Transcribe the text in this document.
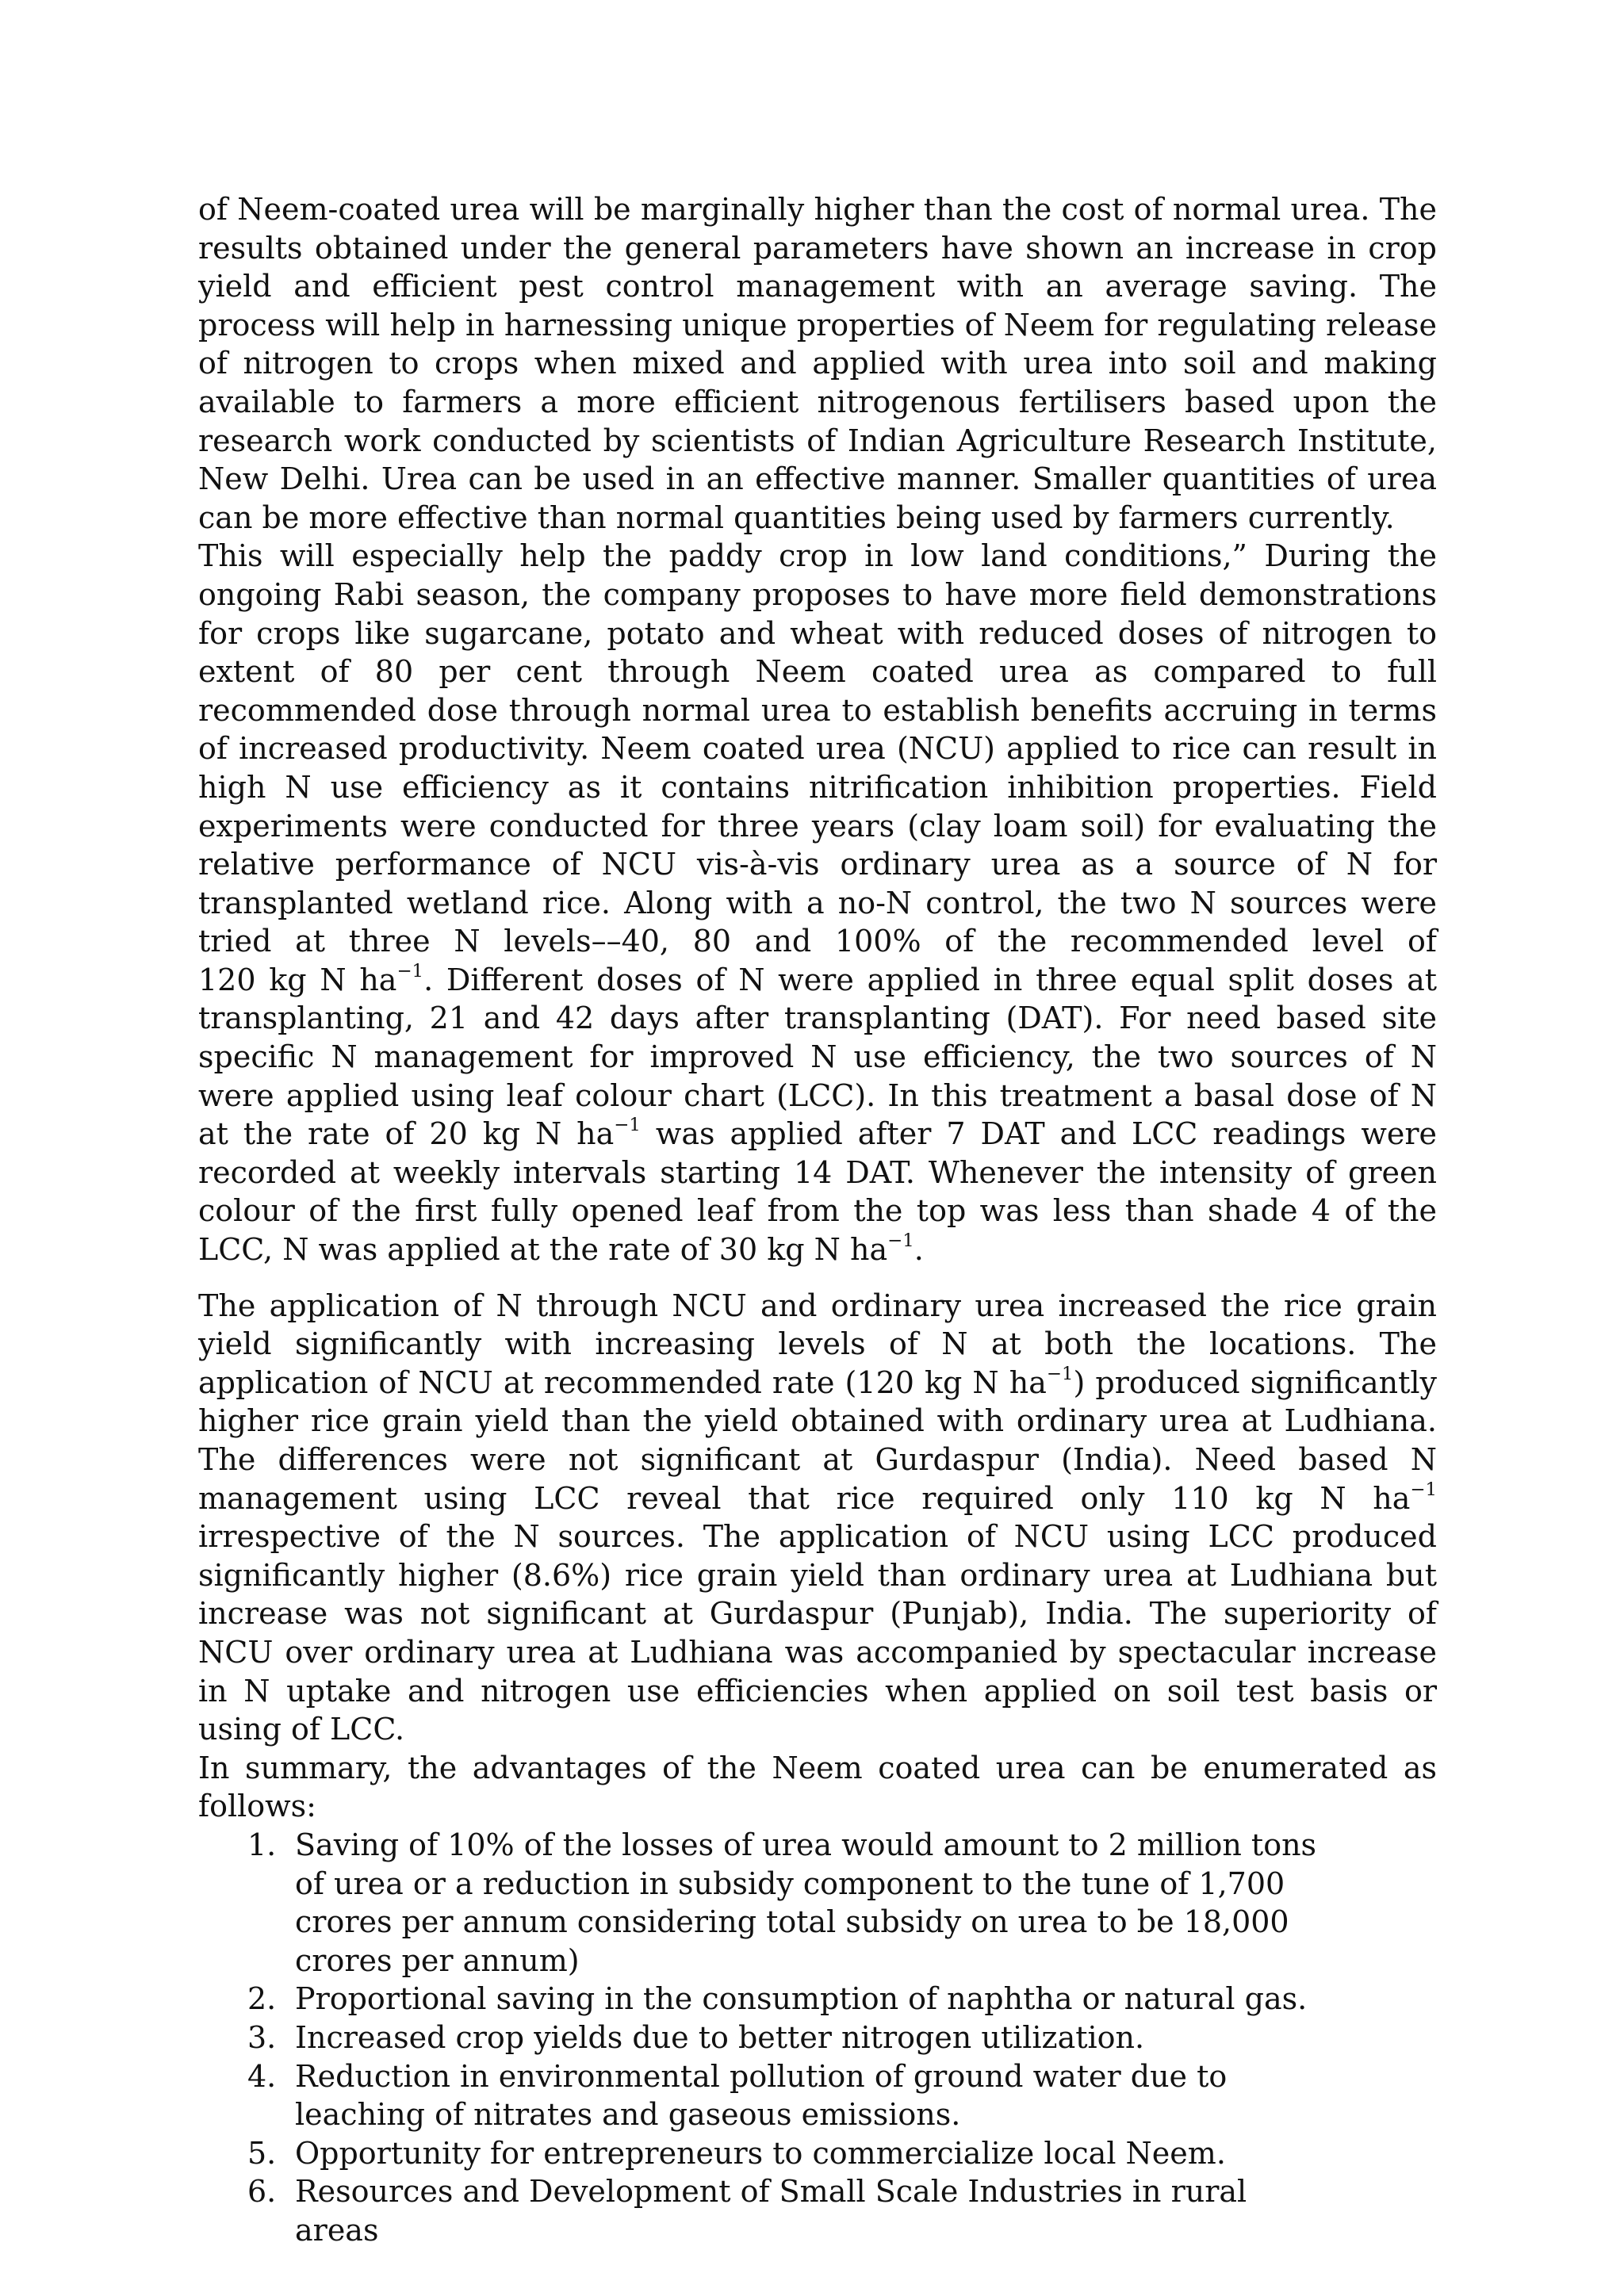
of Neem-coated urea will be marginally higher than the cost of normal urea. The results obtained under the general parameters have shown an increase in crop yield and efficient pest control management with an average saving. The process will help in harnessing unique properties of Neem for regulating release of nitrogen to crops when mixed and applied with urea into soil and making available to farmers a more efficient nitrogenous fertilisers based upon the research work conducted by scientists of Indian Agriculture Research Institute, New Delhi. Urea can be used in an effective manner. Smaller quantities of urea can be more effective than normal quantities being used by farmers currently.

This will especially help the paddy crop in low land conditions,” During the ongoing Rabi season, the company proposes to have more field demonstrations for crops like sugarcane, potato and wheat with reduced doses of nitrogen to extent of 80 per cent through Neem coated urea as compared to full recommended dose through normal urea to establish benefits accruing in terms of increased productivity. Neem coated urea (NCU) applied to rice can result in high N use efficiency as it contains nitrification inhibition properties. Field experiments were conducted for three years (clay loam soil) for evaluating the relative performance of NCU vis-à-vis ordinary urea as a source of N for transplanted wetland rice. Along with a no-N control, the two N sources were tried at three N levels––40, 80 and 100% of the recommended level of 120 kg N $ha^{-1}$. Different doses of N were applied in three equal split doses at transplanting, 21 and 42 days after transplanting (DAT). For need based site specific N management for improved N use efficiency, the two sources of N were applied using leaf colour chart (LCC). In this treatment a basal dose of N at the rate of 20 kg N $ha^{-1}$ was applied after 7 DAT and LCC readings were recorded at weekly intervals starting 14 DAT. Whenever the intensity of green colour of the first fully opened leaf from the top was less than shade 4 of the LCC, N was applied at the rate of 30 kg N $ha^{-1}$.

The application of N through NCU and ordinary urea increased the rice grain yield significantly with increasing levels of N at both the locations. The application of NCU at recommended rate (120 kg N $ha^{-1}$) produced significantly higher rice grain yield than the yield obtained with ordinary urea at Ludhiana. The differences were not significant at Gurdaspur (India). Need based N management using LCC reveal that rice required only 110 kg N $ha^{-1}$ irrespective of the N sources. The application of NCU using LCC produced significantly higher (8.6%) rice grain yield than ordinary urea at Ludhiana but increase was not significant at Gurdaspur (Punjab), India. The superiority of NCU over ordinary urea at Ludhiana was accompanied by spectacular increase in N uptake and nitrogen use efficiencies when applied on soil test basis or using of LCC.

In summary, the advantages of the Neem coated urea can be enumerated as follows:

1. Saving of 10% of the losses of urea would amount to 2 million tons of urea or a reduction in subsidy component to the tune of 1,700 crores per annum considering total subsidy on urea to be 18,000 crores per annum)
2. Proportional saving in the consumption of naphtha or natural gas.
3. Increased crop yields due to better nitrogen utilization.
4. Reduction in environmental pollution of ground water due to leaching of nitrates and gaseous emissions.
5. Opportunity for entrepreneurs to commercialize local Neem.
6. Resources and Development of Small Scale Industries in rural areas
